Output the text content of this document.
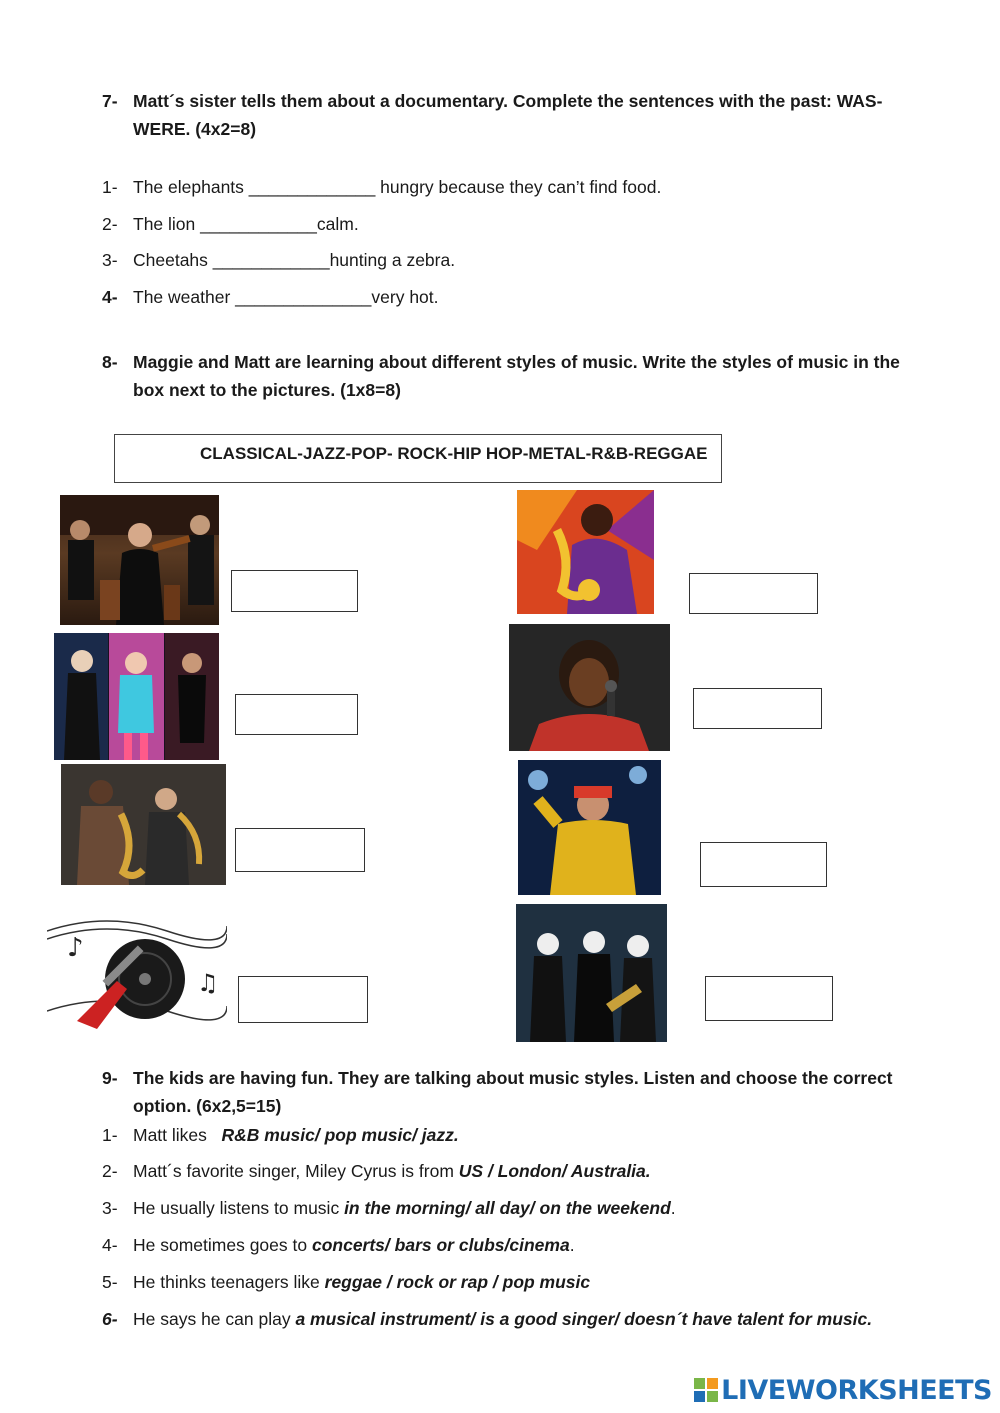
7- Matt´s sister tells them about a documentary. Complete the sentences with the past: WAS-
WERE. (4x2=8)
1- The elephants _____________ hungry because they can’t find food.
2- The lion ____________calm.
3- Cheetahs ____________hunting a zebra.
4- The weather ______________very hot.
8- Maggie and Matt are learning about different styles of music. Write the styles of music in the
box next to the pictures. (1x8=8)
CLASSICAL-JAZZ-POP- ROCK-HIP HOP-METAL-R&B-REGGAE
♪
♫
9- The kids are having fun. They are talking about music styles. Listen and choose the correct
option. (6x2,5=15)
1- Matt likes   R&B music/ pop music/ jazz.
2- Matt´s favorite singer, Miley Cyrus is from US / London/ Australia.
3- He usually listens to music in the morning/ all day/ on the weekend.
4- He sometimes goes to concerts/ bars or clubs/cinema.
5- He thinks teenagers like reggae / rock or rap / pop music
6- He says he can play a musical instrument/ is a good singer/ doesn´t have talent for music.
LIVEWORKSHEETS
